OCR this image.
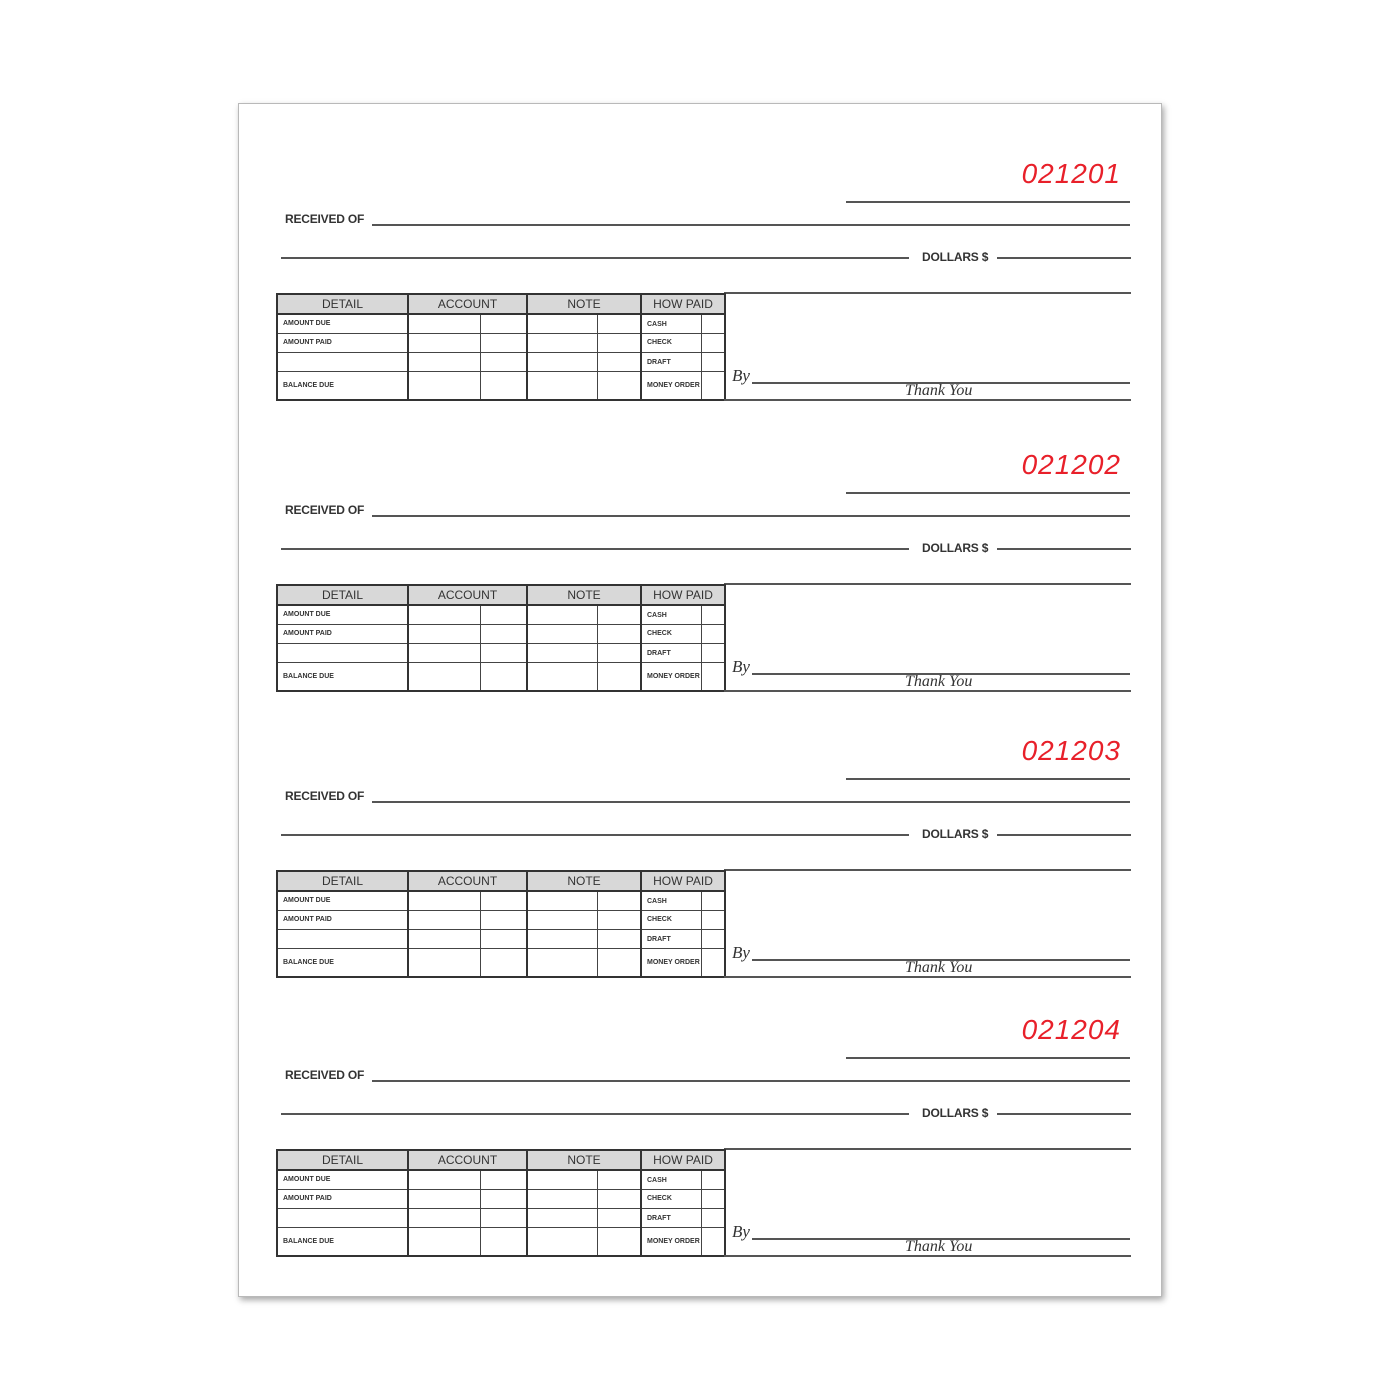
021201
RECEIVED OF
DOLLARS $
DETAIL	ACCOUNT		NOTE		HOW PAID	
AMOUNT DUE					CASH	
AMOUNT PAID					CHECK	
					DRAFT	
BALANCE DUE					MONEY ORDER	
By
Thank You
021202
RECEIVED OF
DOLLARS $
DETAIL	ACCOUNT		NOTE		HOW PAID	
AMOUNT DUE					CASH	
AMOUNT PAID					CHECK	
					DRAFT	
BALANCE DUE					MONEY ORDER	
By
Thank You
021203
RECEIVED OF
DOLLARS $
DETAIL	ACCOUNT		NOTE		HOW PAID	
AMOUNT DUE					CASH	
AMOUNT PAID					CHECK	
					DRAFT	
BALANCE DUE					MONEY ORDER	
By
Thank You
021204
RECEIVED OF
DOLLARS $
DETAIL	ACCOUNT		NOTE		HOW PAID	
AMOUNT DUE					CASH	
AMOUNT PAID					CHECK	
					DRAFT	
BALANCE DUE					MONEY ORDER	
By
Thank You
